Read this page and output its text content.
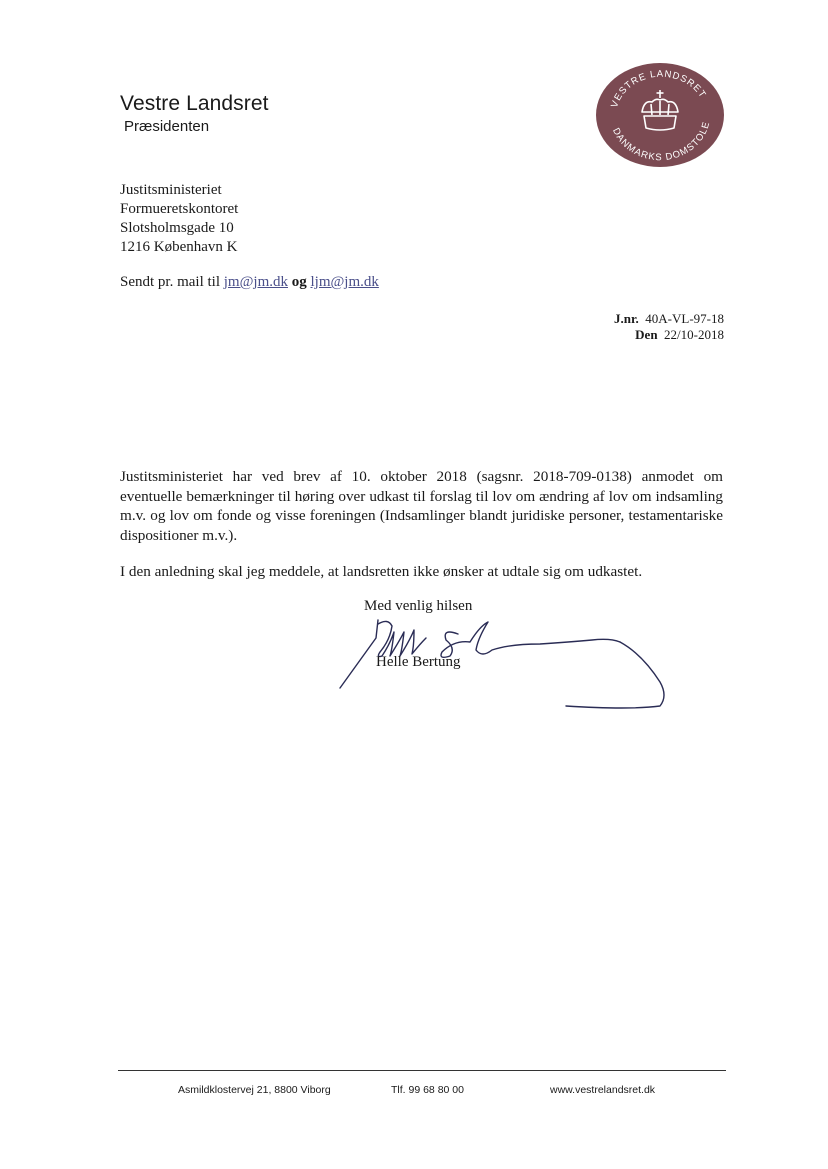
Vestre Landsret
Præsidenten
VESTRE LANDSRET
DANMARKS DOMSTOLE
Justitsministeriet
Formueretskontoret
Slotsholmsgade 10
1216 København K
Sendt pr. mail til jm@jm.dk og ljm@jm.dk
J.nr. 40A-VL-97-18
Den 22/10-2018
Justitsministeriet har ved brev af 10. oktober 2018 (sagsnr. 2018-709-0138) anmodet om eventuelle bemærkninger til høring over udkast til forslag til lov om ændring af lov om indsamling m.v. og lov om fonde og visse foreningen (Indsamlinger blandt juridiske personer, testamentariske dispositioner m.v.).
I den anledning skal jeg meddele, at landsretten ikke ønsker at udtale sig om udkastet.
Med venlig hilsen
Helle Bertung
Asmildklostervej 21, 8800 Viborg	Tlf. 99 68 80 00	www.vestrelandsret.dk
